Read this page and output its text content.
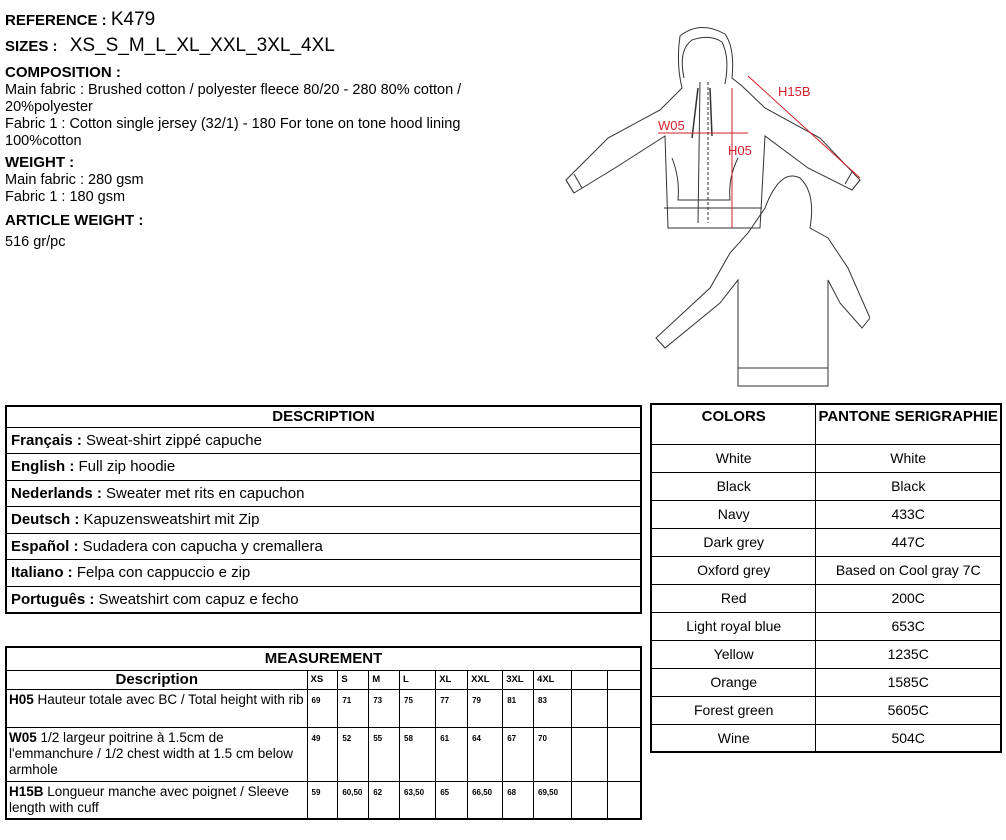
REFERENCE : K479
SIZES : XS_S_M_L_XL_XXL_3XL_4XL
COMPOSITION :
Main fabric : Brushed cotton / polyester fleece 80/20 - 280 80% cotton / 20%polyester
Fabric 1 : Cotton single jersey (32/1) - 180 For tone on tone hood lining 100%cotton
WEIGHT :
Main fabric : 280 gsm
Fabric 1 : 180 gsm
ARTICLE WEIGHT :
516 gr/pc
H15B
W05
H05
DESCRIPTION
Français : Sweat-shirt zippé capuche
English : Full zip hoodie
Nederlands : Sweater met rits en capuchon
Deutsch : Kapuzensweatshirt mit Zip
Español : Sudadera con capucha y cremallera
Italiano : Felpa con cappuccio e zip
Português : Sweatshirt com capuz e fecho
MEASUREMENT										
Description	XS	S	M	L	XL	XXL	3XL	4XL		
H05 Hauteur totale avec BC / Total height with rib	69	71	73	75	77	79	81	83		
W05 1/2 largeur poitrine à 1.5cm de l'emmanchure / 1/2 chest width at 1.5 cm below armhole	49	52	55	58	61	64	67	70		
H15B Longueur manche avec poignet / Sleeve length with cuff	59	60,50	62	63,50	65	66,50	68	69,50		
COLORS	PANTONE SERIGRAPHIE
White	White
Black	Black
Navy	433C
Dark grey	447C
Oxford grey	Based on Cool gray 7C
Red	200C
Light royal blue	653C
Yellow	1235C
Orange	1585C
Forest green	5605C
Wine	504C
